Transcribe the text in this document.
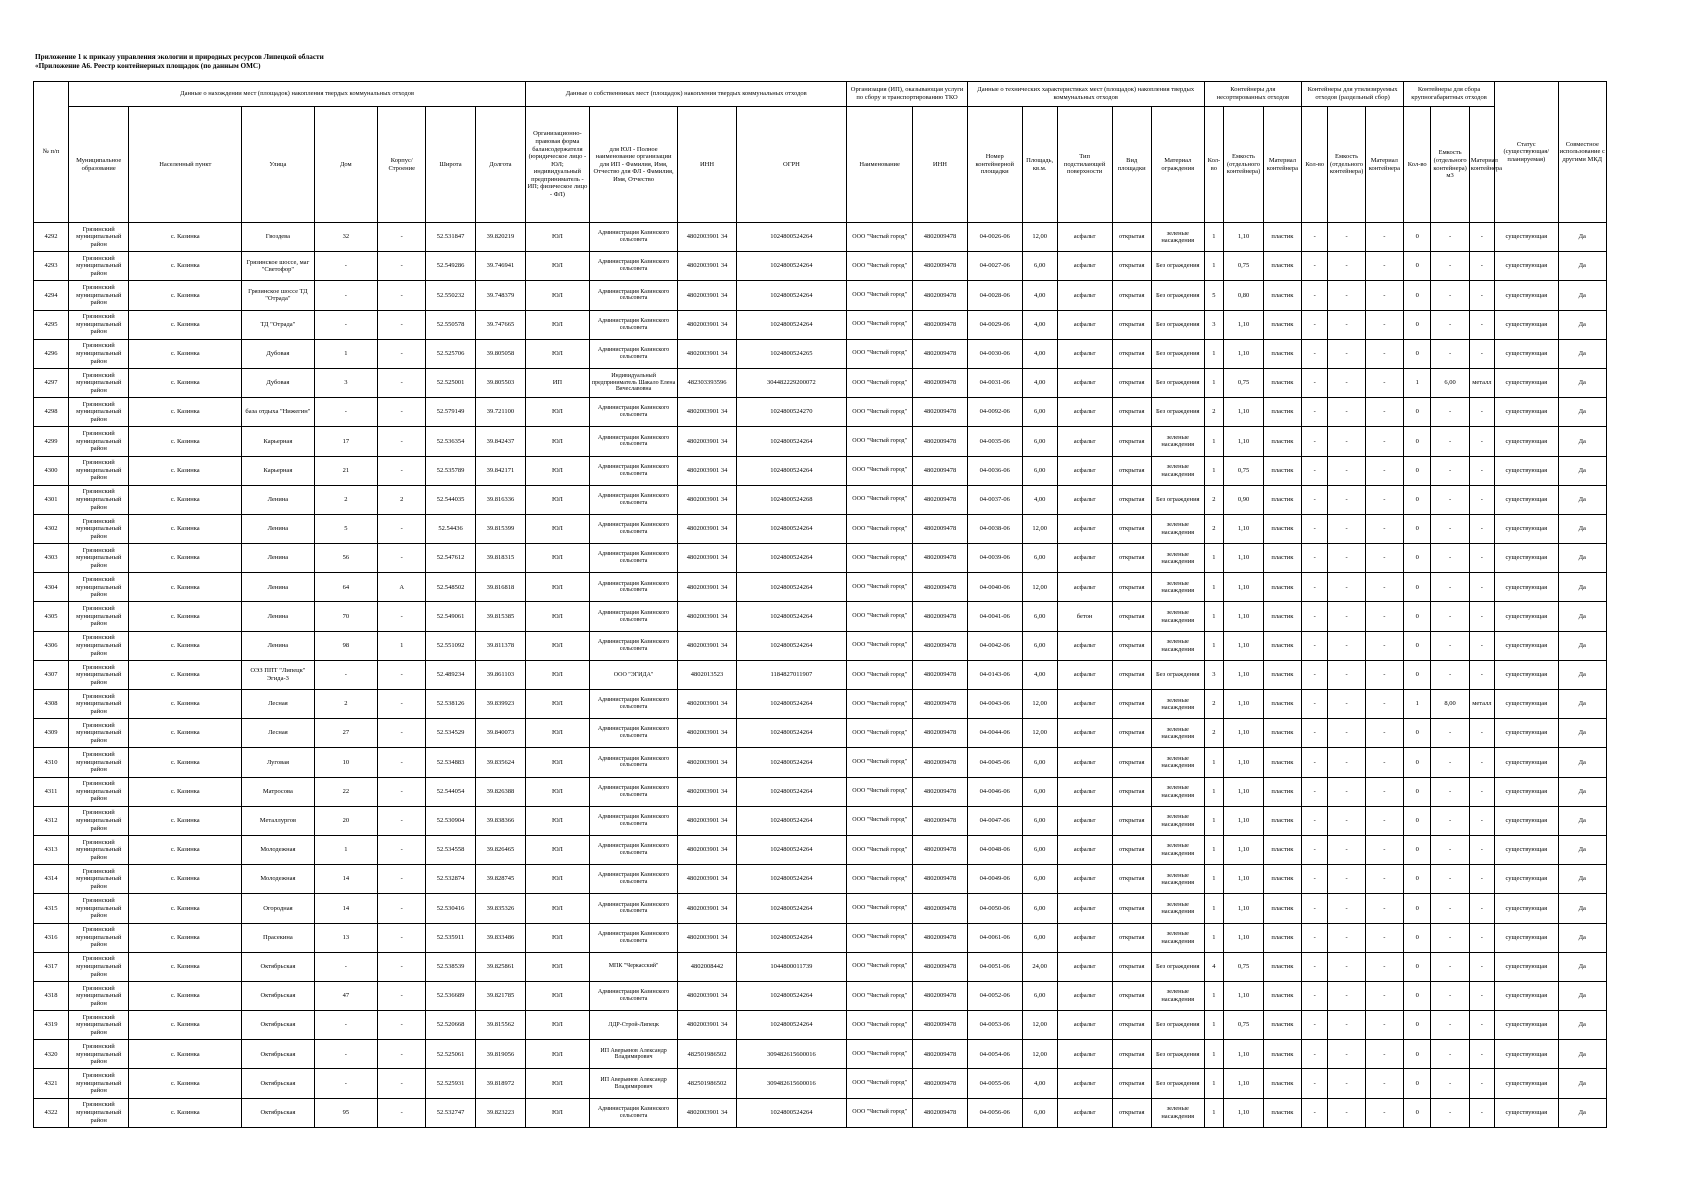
Приложение 1 к приказу управления экологии и природных ресурсов Липецкой области
«Приложение А6. Реестр контейнерных площадок (по данным ОМС)
№ п/п	Данные о нахождении мест (площадок) накопления твердых коммунальных отходов							Данные о собственниках мест (площадок) накопления твердых коммунальных отходов				Организация (ИП), оказывающая услуги по сбору и транспортированию ТКО		Данные о технических характеристиках мест (площадок) накопления твердых коммунальных отходов					Контейнеры для несортированных отходов			Контейнеры для утилизируемых отходов (раздельный сбор)			Контейнеры для сбора крупногабаритных отходов			Статус (существующая/ планируемая)	Совместное использование с другими МКД
	Муниципальное образование	Населенный пункт	Улица	Дом	Корпус/Строение	Широта	Долгота	Организационно-правовая форма балансодержателя (юридическое лицо - ЮЛ; индивидуальный предприниматель - ИП; физическое лицо - ФЛ)	для ЮЛ - Полное наименование организации для ИП - Фамилия, Имя, Отчество для ФЛ - Фамилия, Имя, Отчество	ИНН	ОГРН	Наименование	ИНН	Номер контейнерной площадки	Площадь, кв.м.	Тип подстилающей поверхности	Вид площадки	Материал ограждения	Кол-во	Емкость (отдельного контейнера)	Материал контейнера	Кол-во	Емкость (отдельного контейнера)	Материал контейнера	Кол-во	Емкость (отдельного контейнера) м3	Материал контейнера		
4292	Грязинский муниципальный район	с. Казинка	Гвоздева	32	-	52.531847	39.820219	ЮЛ	Администрация Казинского сельсовета	4802003901 34	1024800524264	ООО "Чистый город"	4802009478	04-0026-06	12,00	асфальт	открытая	зеленые насаждения	1	1,10	пластик	-	-	-	0	-	-	существующая	Да
4293	Грязинский муниципальный район	с. Казинка	Грязинское шоссе, маг "Светофор"	-	-	52.549286	39.746941	ЮЛ	Администрация Казинского сельсовета	4802003901 34	1024800524264	ООО "Чистый город"	4802009478	04-0027-06	6,00	асфальт	открытая	Без ограждения	1	0,75	пластик	-	-	-	0	-	-	существующая	Да
4294	Грязинский муниципальный район	с. Казинка	Грязинское шоссе ТД "Отрада"	-	-	52.550232	39.748379	ЮЛ	Администрация Казинского сельсовета	4802003901 34	1024800524264	ООО "Чистый город"	4802009478	04-0028-06	4,00	асфальт	открытая	Без ограждения	5	0,80	пластик	-	-	-	0	-	-	существующая	Да
4295	Грязинский муниципальный район	с. Казинка	ТД "Отрада"	-	-	52.550578	39.747665	ЮЛ	Администрация Казинского сельсовета	4802003901 34	1024800524264	ООО "Чистый город"	4802009478	04-0029-06	4,00	асфальт	открытая	Без ограждения	3	1,10	пластик	-	-	-	0	-	-	существующая	Да
4296	Грязинский муниципальный район	с. Казинка	Дубовая	1	-	52.525706	39.805058	ЮЛ	Администрация Казинского сельсовета	4802003901 34	1024800524265	ООО "Чистый город"	4802009478	04-0030-06	4,00	асфальт	открытая	Без ограждения	1	1,10	пластик	-	-	-	0	-	-	существующая	Да
4297	Грязинский муниципальный район	с. Казинка	Дубовая	3	-	52.525001	39.805503	ИП	Индивидуальный предприниматель Шакало Елена Вячеславовна	482303393596	304482229200072	ООО "Чистый город"	4802009478	04-0031-06	4,00	асфальт	открытая	Без ограждения	1	0,75	пластик	-	-	-	1	6,00	металл	существующая	Да
4298	Грязинский муниципальный район	с. Казинка	база отдыха "Нижегин"	-	-	52.579149	39.721100	ЮЛ	Администрация Казинского сельсовета	4802003901 34	1024800524270	ООО "Чистый город"	4802009478	04-0092-06	6,00	асфальт	открытая	Без ограждения	2	1,10	пластик	-	-	-	0	-	-	существующая	Да
4299	Грязинский муниципальный район	с. Казинка	Карьерная	17	-	52.536354	39.842437	ЮЛ	Администрация Казинского сельсовета	4802003901 34	1024800524264	ООО "Чистый город"	4802009478	04-0035-06	6,00	асфальт	открытая	зеленые насаждения	1	1,10	пластик	-	-	-	0	-	-	существующая	Да
4300	Грязинский муниципальный район	с. Казинка	Карьерная	21	-	52.535789	39.842171	ЮЛ	Администрация Казинского сельсовета	4802003901 34	1024800524264	ООО "Чистый город"	4802009478	04-0036-06	6,00	асфальт	открытая	зеленые насаждения	1	0,75	пластик	-	-	-	0	-	-	существующая	Да
4301	Грязинский муниципальный район	с. Казинка	Ленина	2	2	52.544035	39.816336	ЮЛ	Администрация Казинского сельсовета	4802003901 34	1024800524268	ООО "Чистый город"	4802009478	04-0037-06	4,00	асфальт	открытая	Без ограждения	2	0,90	пластик	-	-	-	0	-	-	существующая	Да
4302	Грязинский муниципальный район	с. Казинка	Ленина	5	-	52.54436	39.815399	ЮЛ	Администрация Казинского сельсовета	4802003901 34	1024800524264	ООО "Чистый город"	4802009478	04-0038-06	12,00	асфальт	открытая	зеленые насаждения	2	1,10	пластик	-	-	-	0	-	-	существующая	Да
4303	Грязинский муниципальный район	с. Казинка	Ленина	56	-	52.547612	39.818315	ЮЛ	Администрация Казинского сельсовета	4802003901 34	1024800524264	ООО "Чистый город"	4802009478	04-0039-06	6,00	асфальт	открытая	зеленые насаждения	1	1,10	пластик	-	-	-	0	-	-	существующая	Да
4304	Грязинский муниципальный район	с. Казинка	Ленина	64	А	52.548502	39.816818	ЮЛ	Администрация Казинского сельсовета	4802003901 34	1024800524264	ООО "Чистый город"	4802009478	04-0040-06	12,00	асфальт	открытая	зеленые насаждения	1	1,10	пластик	-	-	-	0	-	-	существующая	Да
4305	Грязинский муниципальный район	с. Казинка	Ленина	70	-	52.549061	39.815385	ЮЛ	Администрация Казинского сельсовета	4802003901 34	1024800524264	ООО "Чистый город"	4802009478	04-0041-06	6,00	бетон	открытая	зеленые насаждения	1	1,10	пластик	-	-	-	0	-	-	существующая	Да
4306	Грязинский муниципальный район	с. Казинка	Ленина	98	1	52.551092	39.811378	ЮЛ	Администрация Казинского сельсовета	4802003901 34	1024800524264	ООО "Чистый город"	4802009478	04-0042-06	6,00	асфальт	открытая	зеленые насаждения	1	1,10	пластик	-	-	-	0	-	-	существующая	Да
4307	Грязинский муниципальный район	с. Казинка	ОЭЗ ППТ "Липецк" Эгида-3	-	-	52.489234	39.861103	ЮЛ	ООО "ЭГИДА"	4802013523	1184827011907	ООО "Чистый город"	4802009478	04-0143-06	4,00	асфальт	открытая	Без ограждения	3	1,10	пластик	-	-	-	0	-	-	существующая	Да
4308	Грязинский муниципальный район	с. Казинка	Лесная	2	-	52.538126	39.839923	ЮЛ	Администрация Казинского сельсовета	4802003901 34	1024800524264	ООО "Чистый город"	4802009478	04-0043-06	12,00	асфальт	открытая	зеленые насаждения	2	1,10	пластик	-	-	-	1	8,00	металл	существующая	Да
4309	Грязинский муниципальный район	с. Казинка	Лесная	27	-	52.534529	39.840073	ЮЛ	Администрация Казинского сельсовета	4802003901 34	1024800524264	ООО "Чистый город"	4802009478	04-0044-06	12,00	асфальт	открытая	зеленые насаждения	2	1,10	пластик	-	-	-	0	-	-	существующая	Да
4310	Грязинский муниципальный район	с. Казинка	Луговая	10	-	52.534883	39.835624	ЮЛ	Администрация Казинского сельсовета	4802003901 34	1024800524264	ООО "Чистый город"	4802009478	04-0045-06	6,00	асфальт	открытая	зеленые насаждения	1	1,10	пластик	-	-	-	0	-	-	существующая	Да
4311	Грязинский муниципальный район	с. Казинка	Матросова	22	-	52.544054	39.826388	ЮЛ	Администрация Казинского сельсовета	4802003901 34	1024800524264	ООО "Чистый город"	4802009478	04-0046-06	6,00	асфальт	открытая	зеленые насаждения	1	1,10	пластик	-	-	-	0	-	-	существующая	Да
4312	Грязинский муниципальный район	с. Казинка	Металлургов	20	-	52.530904	39.838366	ЮЛ	Администрация Казинского сельсовета	4802003901 34	1024800524264	ООО "Чистый город"	4802009478	04-0047-06	6,00	асфальт	открытая	зеленые насаждения	1	1,10	пластик	-	-	-	0	-	-	существующая	Да
4313	Грязинский муниципальный район	с. Казинка	Молодежная	1	-	52.534558	39.826465	ЮЛ	Администрация Казинского сельсовета	4802003901 34	1024800524264	ООО "Чистый город"	4802009478	04-0048-06	6,00	асфальт	открытая	зеленые насаждения	1	1,10	пластик	-	-	-	0	-	-	существующая	Да
4314	Грязинский муниципальный район	с. Казинка	Молодежная	14	-	52.532874	39.828745	ЮЛ	Администрация Казинского сельсовета	4802003901 34	1024800524264	ООО "Чистый город"	4802009478	04-0049-06	6,00	асфальт	открытая	зеленые насаждения	1	1,10	пластик	-	-	-	0	-	-	существующая	Да
4315	Грязинский муниципальный район	с. Казинка	Огородная	14	-	52.530416	39.835326	ЮЛ	Администрация Казинского сельсовета	4802003901 34	1024800524264	ООО "Чистый город"	4802009478	04-0050-06	6,00	асфальт	открытая	зеленые насаждения	1	1,10	пластик	-	-	-	0	-	-	существующая	Да
4316	Грязинский муниципальный район	с. Казинка	Прасекина	13	-	52.535911	39.833486	ЮЛ	Администрация Казинского сельсовета	4802003901 34	1024800524264	ООО "Чистый город"	4802009478	04-0061-06	6,00	асфальт	открытая	зеленые насаждения	1	1,10	пластик	-	-	-	0	-	-	существующая	Да
4317	Грязинский муниципальный район	с. Казинка	Октябрьская	-	-	52.538539	39.825861	ЮЛ	МПК "Черкасский"	4802008442	1044800011739	ООО "Чистый город"	4802009478	04-0051-06	24,00	асфальт	открытая	Без ограждения	4	0,75	пластик	-	-	-	0	-	-	существующая	Да
4318	Грязинский муниципальный район	с. Казинка	Октябрьская	47	-	52.536689	39.821785	ЮЛ	Администрация Казинского сельсовета	4802003901 34	1024800524264	ООО "Чистый город"	4802009478	04-0052-06	6,00	асфальт	открытая	зеленые насаждения	1	1,10	пластик	-	-	-	0	-	-	существующая	Да
4319	Грязинский муниципальный район	с. Казинка	Октябрьская	-	-	52.520668	39.815562	ЮЛ	ЛДР-Строй-Липецк	4802003901 34	1024800524264	ООО "Чистый город"	4802009478	04-0053-06	12,00	асфальт	открытая	Без ограждения	1	0,75	пластик	-	-	-	0	-	-	существующая	Да
4320	Грязинский муниципальный район	с. Казинка	Октябрьская	-	-	52.525061	39.819056	ЮЛ	ИП Аверьянов Александр Владимирович	482501986502	309482615600016	ООО "Чистый город"	4802009478	04-0054-06	12,00	асфальт	открытая	Без ограждения	1	1,10	пластик	-	-	-	0	-	-	существующая	Да
4321	Грязинский муниципальный район	с. Казинка	Октябрьская	-	-	52.525931	39.818972	ЮЛ	ИП Аверьянов Александр Владимирович	482501986502	309482615600016	ООО "Чистый город"	4802009478	04-0055-06	4,00	асфальт	открытая	Без ограждения	1	1,10	пластик	-	-	-	0	-	-	существующая	Да
4322	Грязинский муниципальный район	с. Казинка	Октябрьская	95	-	52.532747	39.823223	ЮЛ	Администрация Казинского сельсовета	4802003901 34	1024800524264	ООО "Чистый город"	4802009478	04-0056-06	6,00	асфальт	открытая	зеленые насаждения	1	1,10	пластик	-	-	-	0	-	-	существующая	Да
